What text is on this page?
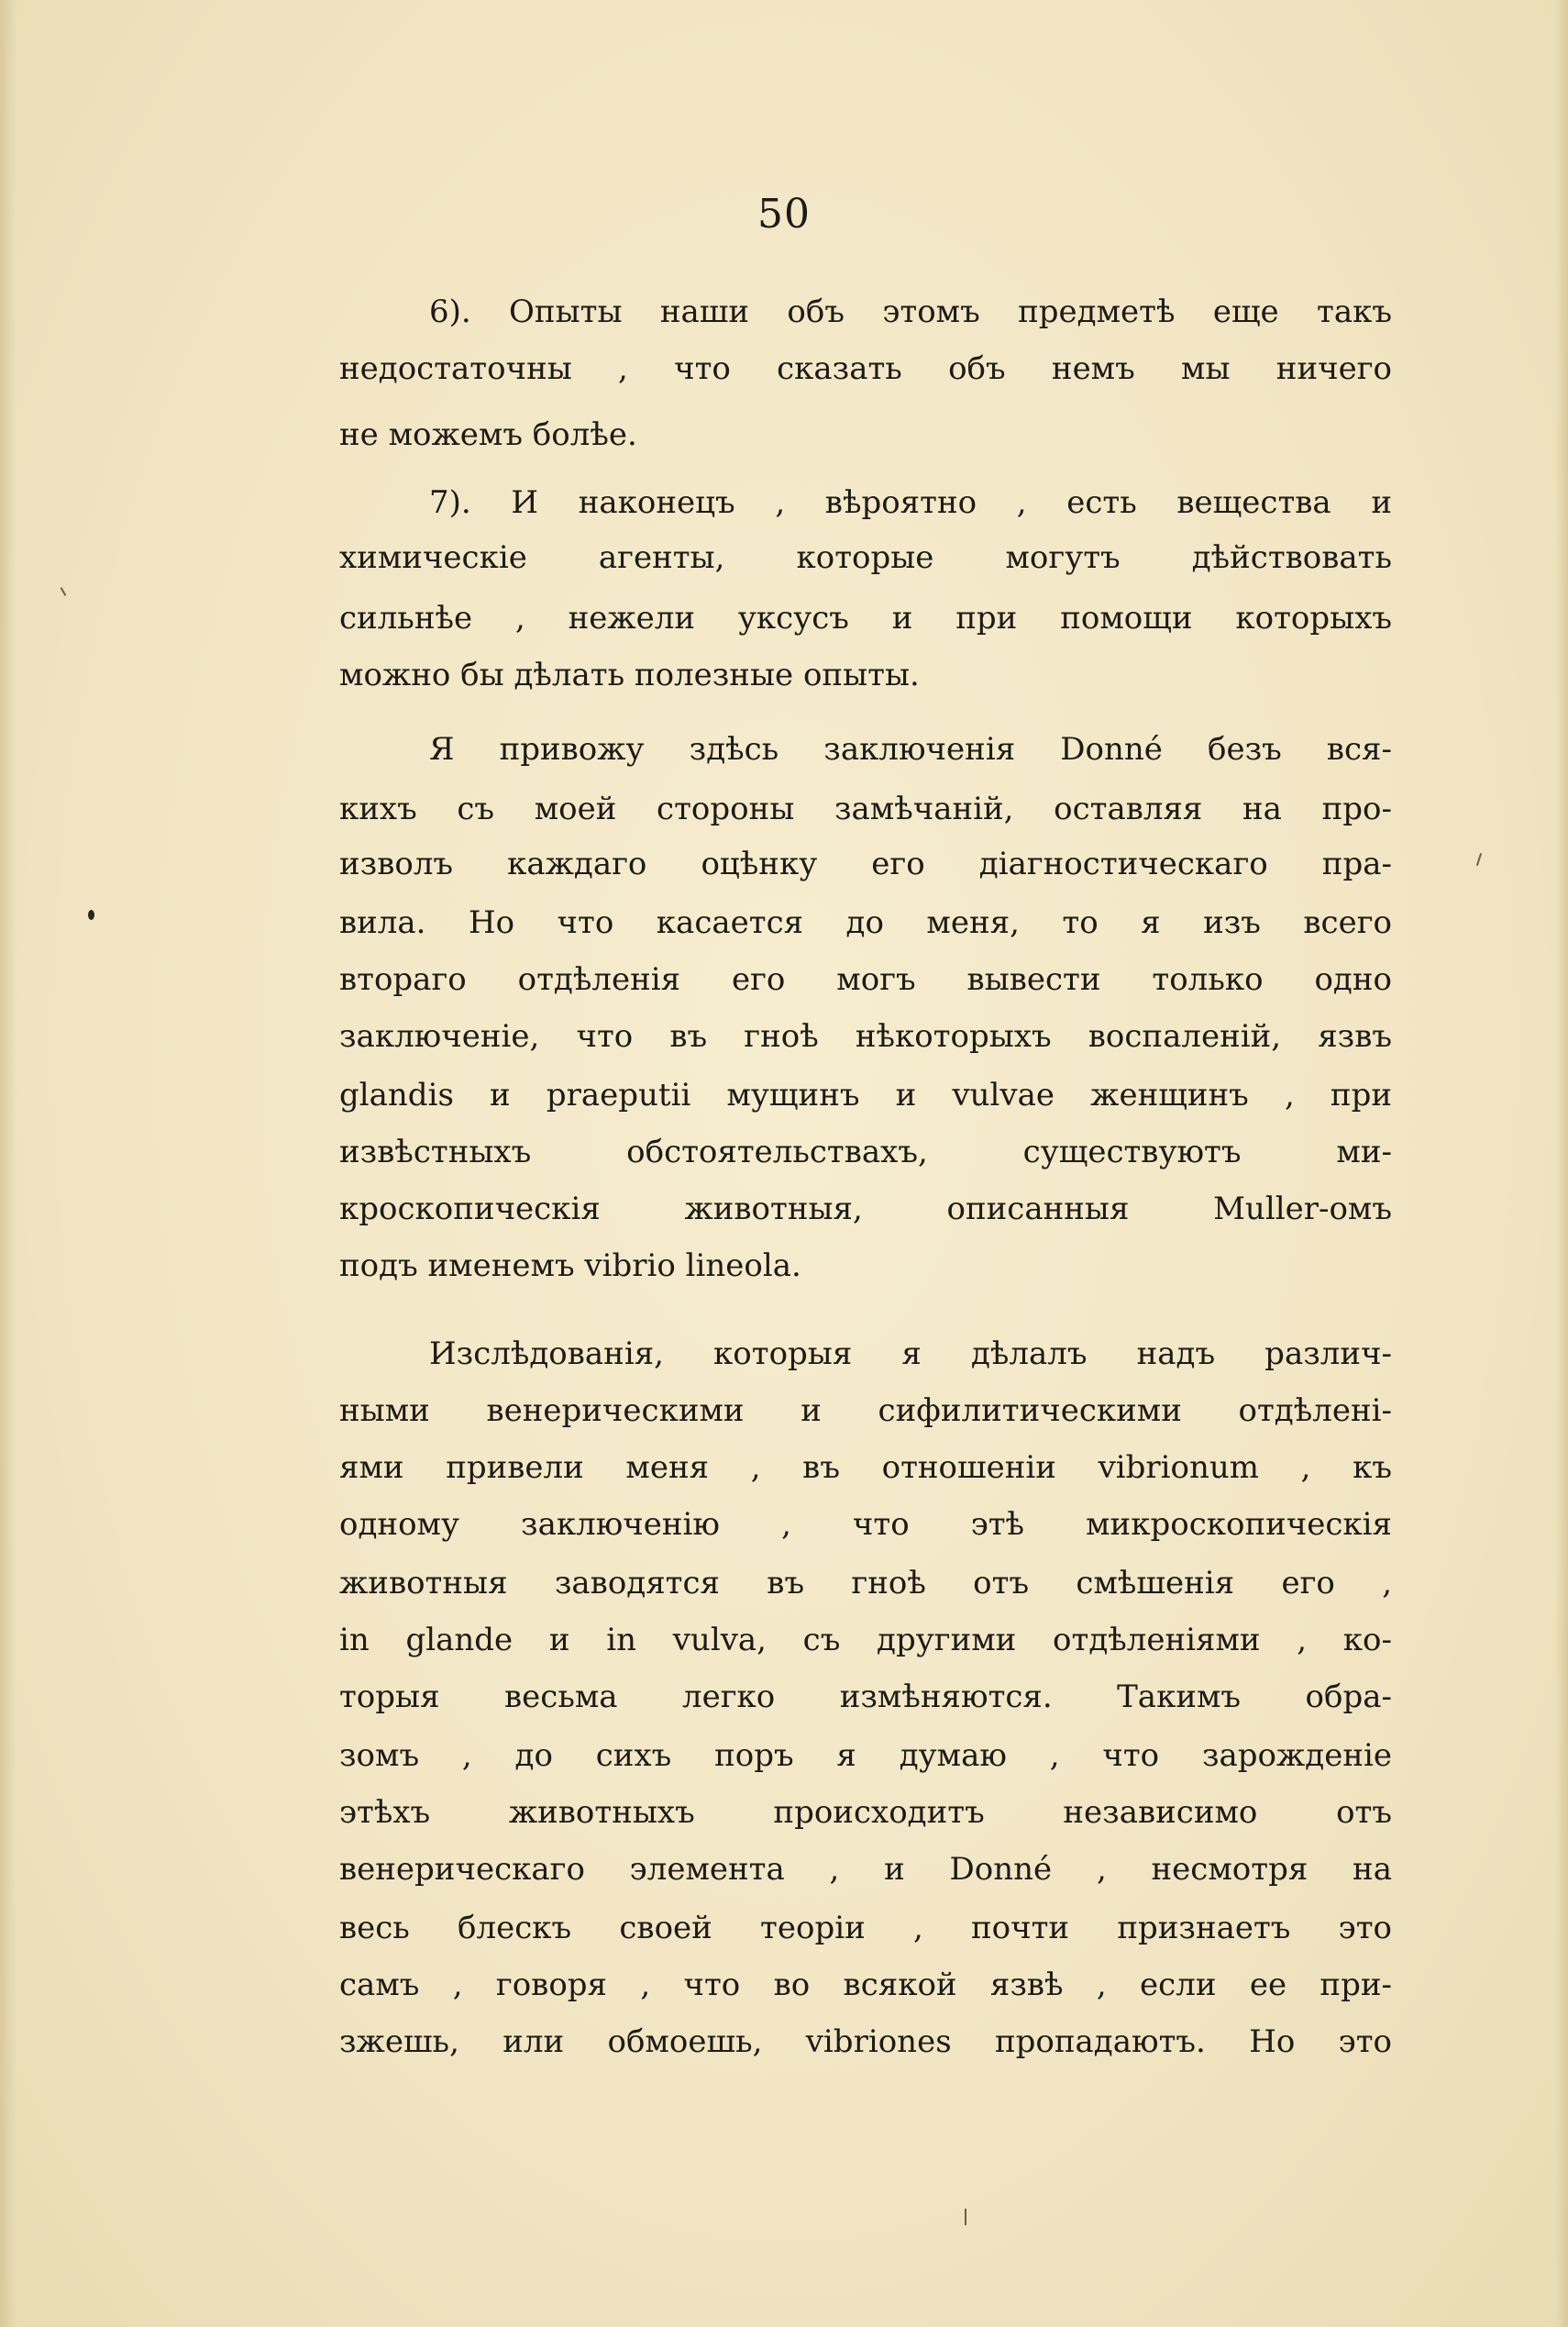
50
6). Опыты наши объ этомъ предметѣ еще такъ
недостаточны , что сказать объ немъ мы ничего
не можемъ болѣе.
7). И наконецъ , вѣроятно , есть вещества и
химическіе агенты, которые могутъ дѣйствовать
сильнѣе , нежели уксусъ и при помощи которыхъ
можно бы дѣлать полезные опыты.
Я привожу здѣсь заключенія Donné безъ вся-
кихъ съ моей стороны замѣчаній, оставляя на про-
изволъ каждаго оцѣнку его діагностическаго пра-
вила. Но что касается до меня, то я изъ всего
втораго отдѣленія его могъ вывести только одно
заключеніе, что въ гноѣ нѣкоторыхъ воспаленій, язвъ
glandis и praeputii мущинъ и vulvae женщинъ , при
извѣстныхъ обстоятельствахъ, существуютъ ми-
кроскопическія животныя, описанныя Muller-омъ
подъ именемъ vibrio lineola.
Изслѣдованія, которыя я дѣлалъ надъ различ-
ными венерическими и сифилитическими отдѣлені-
ями привели меня , въ отношеніи vibrionum , къ
одному заключенію , что этѣ микроскопическія
животныя заводятся въ гноѣ отъ смѣшенія его ,
in glande и in vulva, съ другими отдѣленіями , ко-
торыя весьма легко измѣняются. Такимъ обра-
зомъ , до сихъ поръ я думаю , что зарожденіе
этѣхъ животныхъ происходитъ независимо отъ
венерическаго элемента , и Donné , несмотря на
весь блескъ своей теоріи , почти признаетъ это
самъ , говоря , что во всякой язвѣ , если ее при-
зжешь, или обмоешь, vibriones пропадаютъ. Но это
